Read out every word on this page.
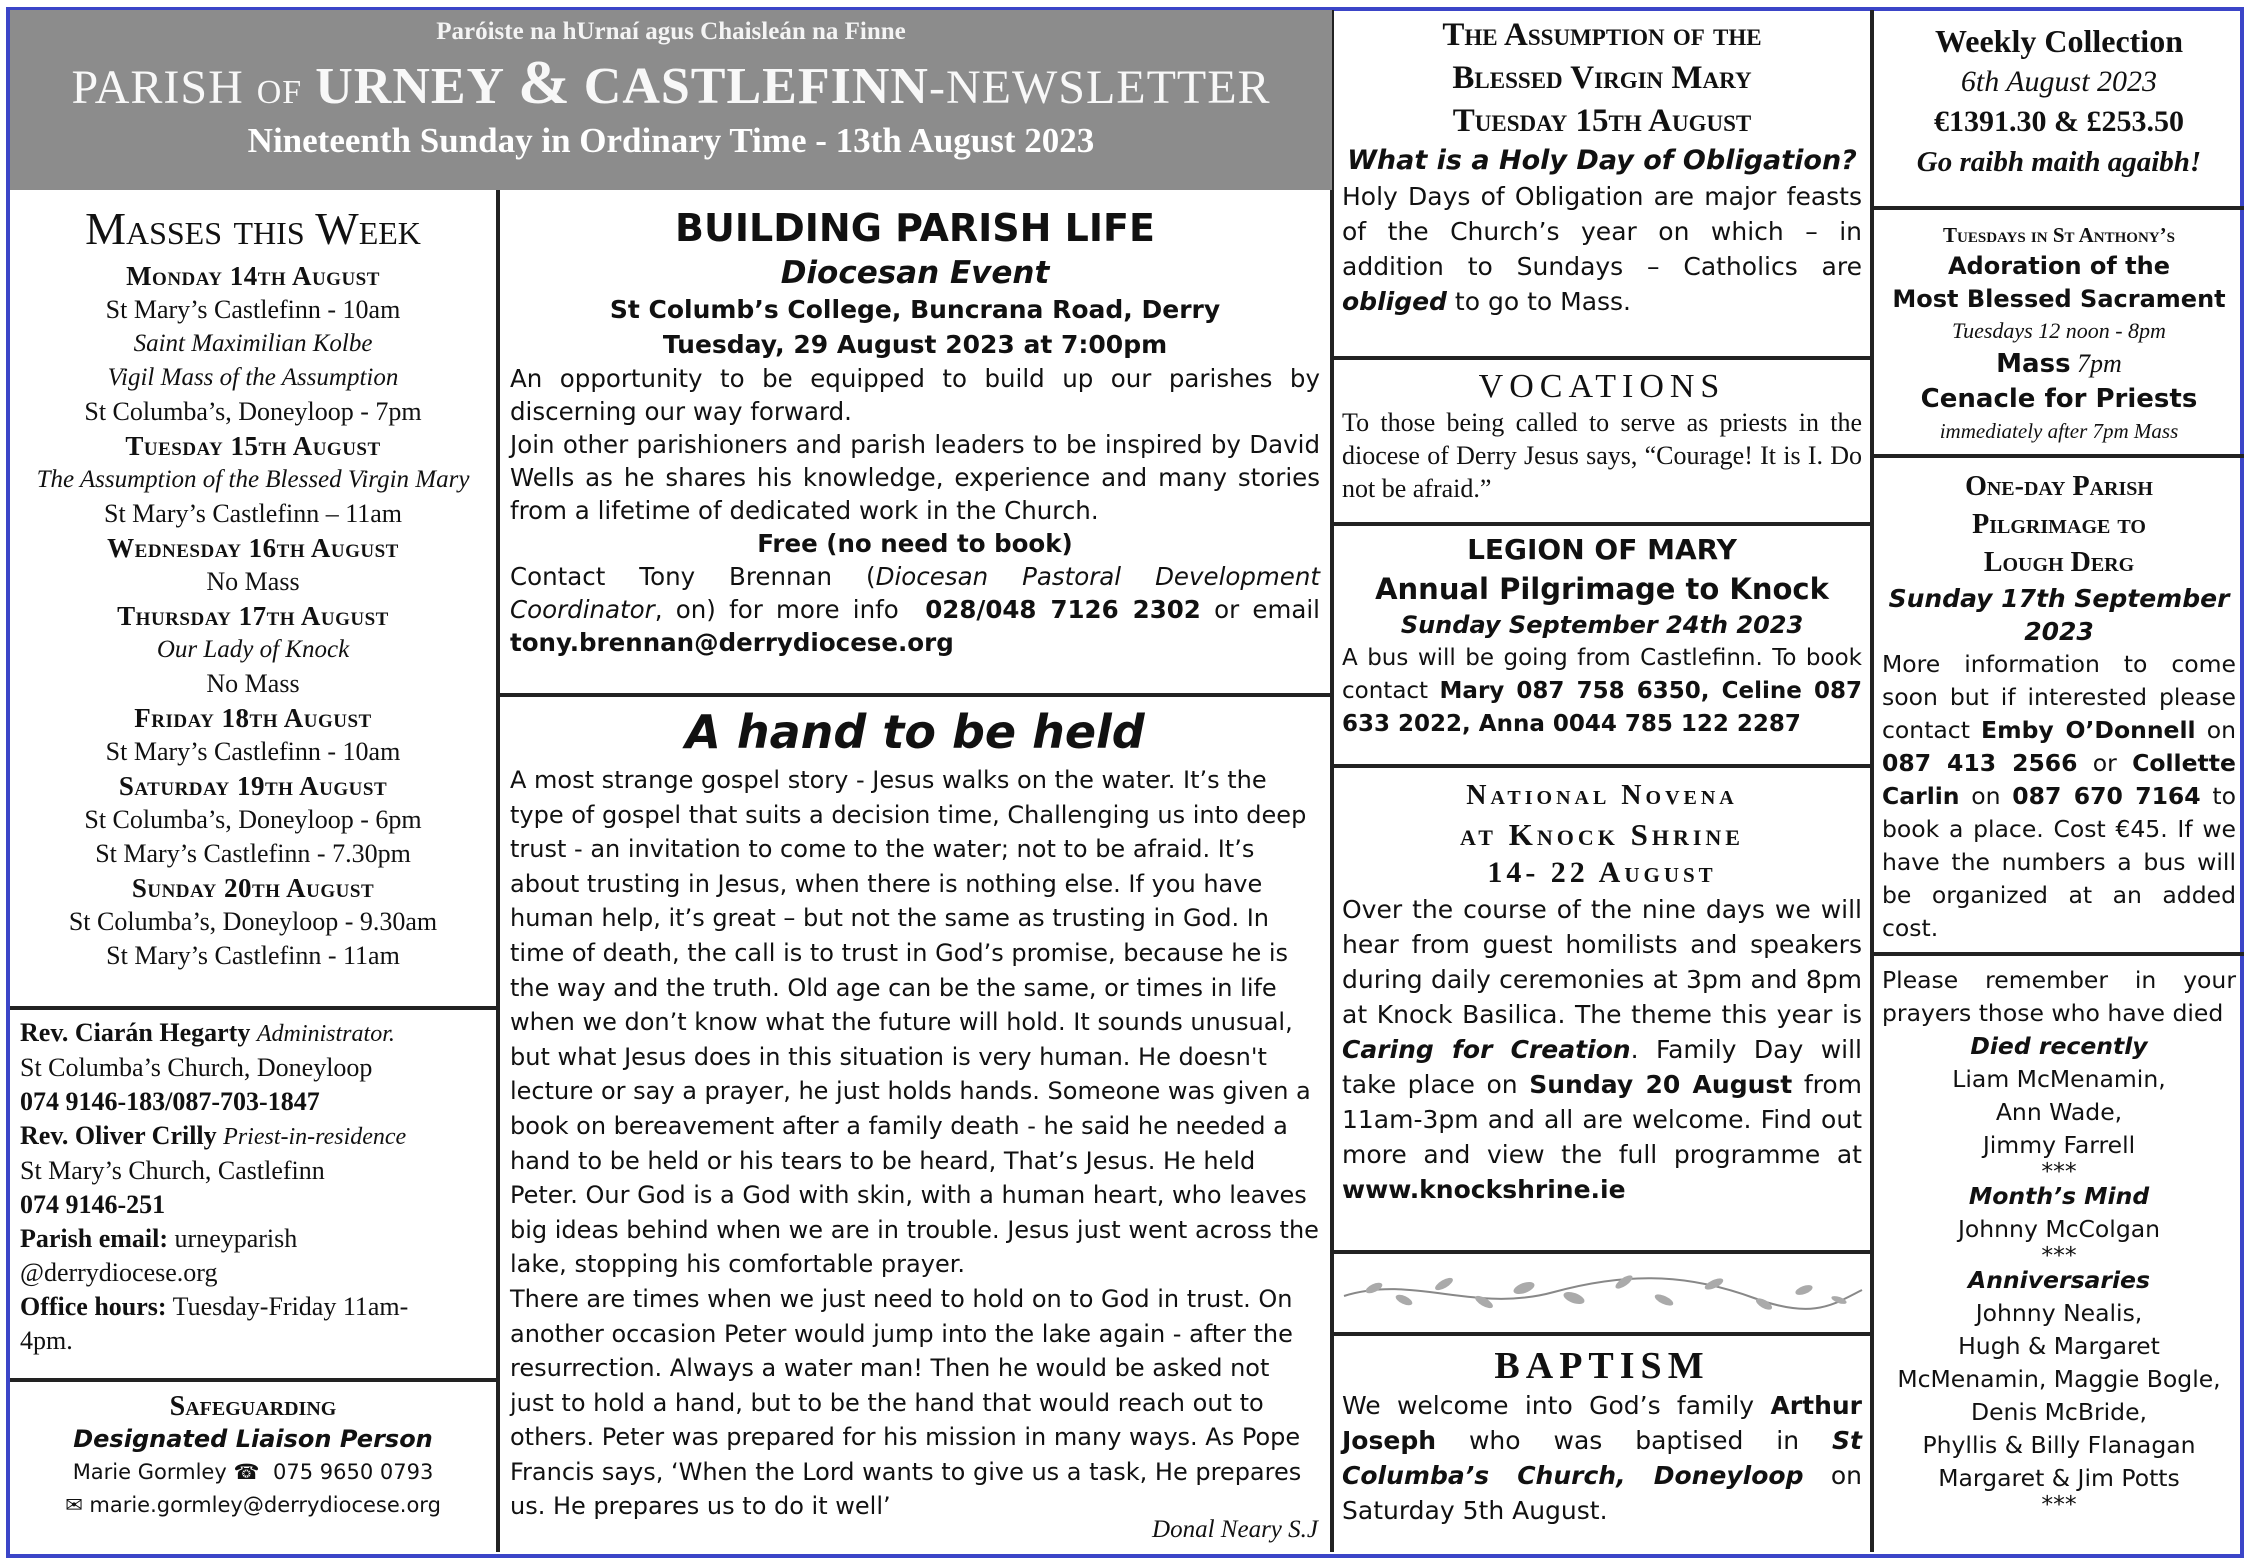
Paróiste na hUrnaí agus Chaisleán na Finne
PARISH OF URNEY & CASTLEFINN-NEWSLETTER
Nineteenth Sunday in Ordinary Time - 13th August 2023
Masses this Week
Monday 14th August
St Mary’s Castlefinn - 10am
Saint Maximilian Kolbe
Vigil Mass of the Assumption
St Columba’s, Doneyloop - 7pm
Tuesday 15th August
The Assumption of the Blessed Virgin Mary
St Mary’s Castlefinn – 11am
Wednesday 16th August
No Mass
Thursday 17th August
Our Lady of Knock
No Mass
Friday 18th August
St Mary’s Castlefinn - 10am
Saturday 19th August
St Columba’s, Doneyloop - 6pm
St Mary’s Castlefinn - 7.30pm
Sunday 20th August
St Columba’s, Doneyloop - 9.30am
St Mary’s Castlefinn - 11am
Rev. Ciarán Hegarty Administrator.
St Columba’s Church, Doneyloop
074 9146-183/087-703-1847
Rev. Oliver Crilly Priest-in-residence
St Mary’s Church, Castlefinn
074 9146-251
Parish email: urneyparish
@derrydiocese.org
Office hours: Tuesday-Friday 11am-
4pm.
Safeguarding
Designated Liaison Person
Marie Gormley ☎ 075 9650 0793
✉ marie.gormley@derrydiocese.org
BUILDING PARISH LIFE
Diocesan Event
St Columb’s College, Buncrana Road, Derry
Tuesday, 29 August 2023 at 7:00pm

An opportunity to be equipped to build up our parishes by discerning our way forward.

Join other parishioners and parish leaders to be inspired by David Wells as he shares his knowledge, experience and many stories from a lifetime of dedicated work in the Church.

Free (no need to book)

Contact Tony Brennan (Diocesan Pastoral Development Coordinator, on) for more info 028/048 7126 2302 or email tony.brennan@derrydiocese.org

A hand to be held

A most strange gospel story - Jesus walks on the water. It’s the type of gospel that suits a decision time, Challenging us into deep trust - an invitation to come to the water; not to be afraid. It’s about trusting in Jesus, when there is nothing else. If you have human help, it’s great – but not the same as trusting in God. In time of death, the call is to trust in God’s promise, because he is the way and the truth. Old age can be the same, or times in life when we don’t know what the future will hold. It sounds unusual, but what Jesus does in this situation is very human. He doesn't lecture or say a prayer, he just holds hands. Someone was given a book on bereavement after a family death - he said he needed a hand to be held or his tears to be heard, That’s Jesus. He held Peter. Our God is a God with skin, with a human heart, who leaves big ideas behind when we are in trouble. Jesus just went across the lake, stopping his comfortable prayer.

There are times when we just need to hold on to God in trust. On another occasion Peter would jump into the lake again - after the resurrection. Always a water man! Then he would be asked not just to hold a hand, but to be the hand that would reach out to others. Peter was prepared for his mission in many ways. As Pope Francis says, ‘When the Lord wants to give us a task, He prepares us. He prepares us to do it well’

Donal Neary S.J
The Assumption of the
Blessed Virgin Mary
Tuesday 15th August
What is a Holy Day of Obligation?

Holy Days of Obligation are major feasts of the Church’s year on which – in addition to Sundays – Catholics are obliged to go to Mass.

VOCATIONS

To those being called to serve as priests in the diocese of Derry Jesus says, “Courage! It is I. Do not be afraid.”

LEGION OF MARY
Annual Pilgrimage to Knock
Sunday September 24th 2023

A bus will be going from Castlefinn. To book contact Mary 087 758 6350, Celine 087 633 2022, Anna 0044 785 122 2287

National Novena
at Knock Shrine
14- 22 August

Over the course of the nine days we will hear from guest homilists and speakers during daily ceremonies at 3pm and 8pm at Knock Basilica. The theme this year is Caring for Creation. Family Day will take place on Sunday 20 August from 11am-3pm and all are welcome. Find out more and view the full programme at www.knockshrine.ie

BAPTISM

We welcome into God’s family Arthur Joseph who was baptised in St Columba’s Church, Doneyloop on Saturday 5th August.

Weekly Collection
6th August 2023
€1391.30 & £253.50
Go raibh maith agaibh!
Tuesdays in St Anthony’s
Adoration of the
Most Blessed Sacrament
Tuesdays 12 noon - 8pm
Mass 7pm
Cenacle for Priests
immediately after 7pm Mass
One-day Parish
Pilgrimage to
Lough Derg
Sunday 17th September 2023

More information to come soon but if interested please contact Emby O’Donnell on 087 413 2566 or Collette Carlin on 087 670 7164 to book a place. Cost €45. If we have the numbers a bus will be organized at an added cost.

Please remember in your prayers those who have died

Died recently
Liam McMenamin,
Ann Wade,
Jimmy Farrell
***
Month’s Mind
Johnny McColgan
***
Anniversaries
Johnny Nealis,
Hugh & Margaret
McMenamin, Maggie Bogle,
Denis McBride,
Phyllis & Billy Flanagan
Margaret & Jim Potts
***
